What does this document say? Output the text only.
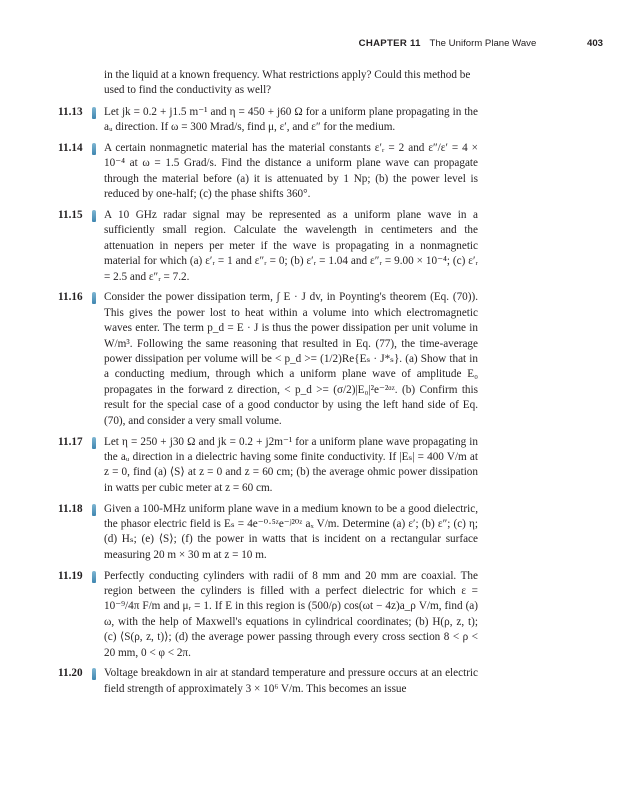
CHAPTER 11 The Uniform Plane Wave	403
in the liquid at a known frequency. What restrictions apply? Could this method be used to find the conductivity as well?
11.13 Let jk = 0.2 + j1.5 m⁻¹ and η = 450 + j60 Ω for a uniform plane propagating in the aᵤ direction. If ω = 300 Mrad/s, find μ, ε′, and ε″ for the medium.
11.14 A certain nonmagnetic material has the material constants ε′ᵣ = 2 and ε″/ε′ = 4 × 10⁻⁴ at ω = 1.5 Grad/s. Find the distance a uniform plane wave can propagate through the material before (a) it is attenuated by 1 Np; (b) the power level is reduced by one-half; (c) the phase shifts 360°.
11.15 A 10 GHz radar signal may be represented as a uniform plane wave in a sufficiently small region. Calculate the wavelength in centimeters and the attenuation in nepers per meter if the wave is propagating in a nonmagnetic material for which (a) ε′ᵣ = 1 and ε″ᵣ = 0; (b) ε′ᵣ = 1.04 and ε″ᵣ = 9.00 × 10⁻⁴; (c) ε′ᵣ = 2.5 and ε″ᵣ = 7.2.
11.16 Consider the power dissipation term, ∫ E · J dv, in Poynting's theorem (Eq. (70)). This gives the power lost to heat within a volume into which electromagnetic waves enter. The term p_d = E · J is thus the power dissipation per unit volume in W/m³. Following the same reasoning that resulted in Eq. (77), the time-average power dissipation per volume will be < p_d >= (1/2)Re{Eₛ · J*ₛ}. (a) Show that in a conducting medium, through which a uniform plane wave of amplitude E₀ propagates in the forward z direction, < p_d >= (σ/2)|E₀|²e⁻²ᵅᶻ. (b) Confirm this result for the special case of a good conductor by using the left hand side of Eq. (70), and consider a very small volume.
11.17 Let η = 250 + j30 Ω and jk = 0.2 + j2m⁻¹ for a uniform plane wave propagating in the aᵤ direction in a dielectric having some finite conductivity. If |Eₛ| = 400 V/m at z = 0, find (a) ⟨S⟩ at z = 0 and z = 60 cm; (b) the average ohmic power dissipation in watts per cubic meter at z = 60 cm.
11.18 Given a 100-MHz uniform plane wave in a medium known to be a good dielectric, the phasor electric field is Eₛ = 4e⁻⁰·⁵ᶻe⁻ʲ²⁰ᶻ aₓ V/m. Determine (a) ε′; (b) ε″; (c) η; (d) Hₛ; (e) ⟨S⟩; (f) the power in watts that is incident on a rectangular surface measuring 20 m × 30 m at z = 10 m.
11.19 Perfectly conducting cylinders with radii of 8 mm and 20 mm are coaxial. The region between the cylinders is filled with a perfect dielectric for which ε = 10⁻⁹/4π F/m and μᵣ = 1. If E in this region is (500/ρ) cos(ωt − 4z)a_ρ V/m, find (a) ω, with the help of Maxwell's equations in cylindrical coordinates; (b) H(ρ, z, t); (c) ⟨S(ρ, z, t)⟩; (d) the average power passing through every cross section 8 < ρ < 20 mm, 0 < φ < 2π.
11.20 Voltage breakdown in air at standard temperature and pressure occurs at an electric field strength of approximately 3 × 10⁶ V/m. This becomes an issue
